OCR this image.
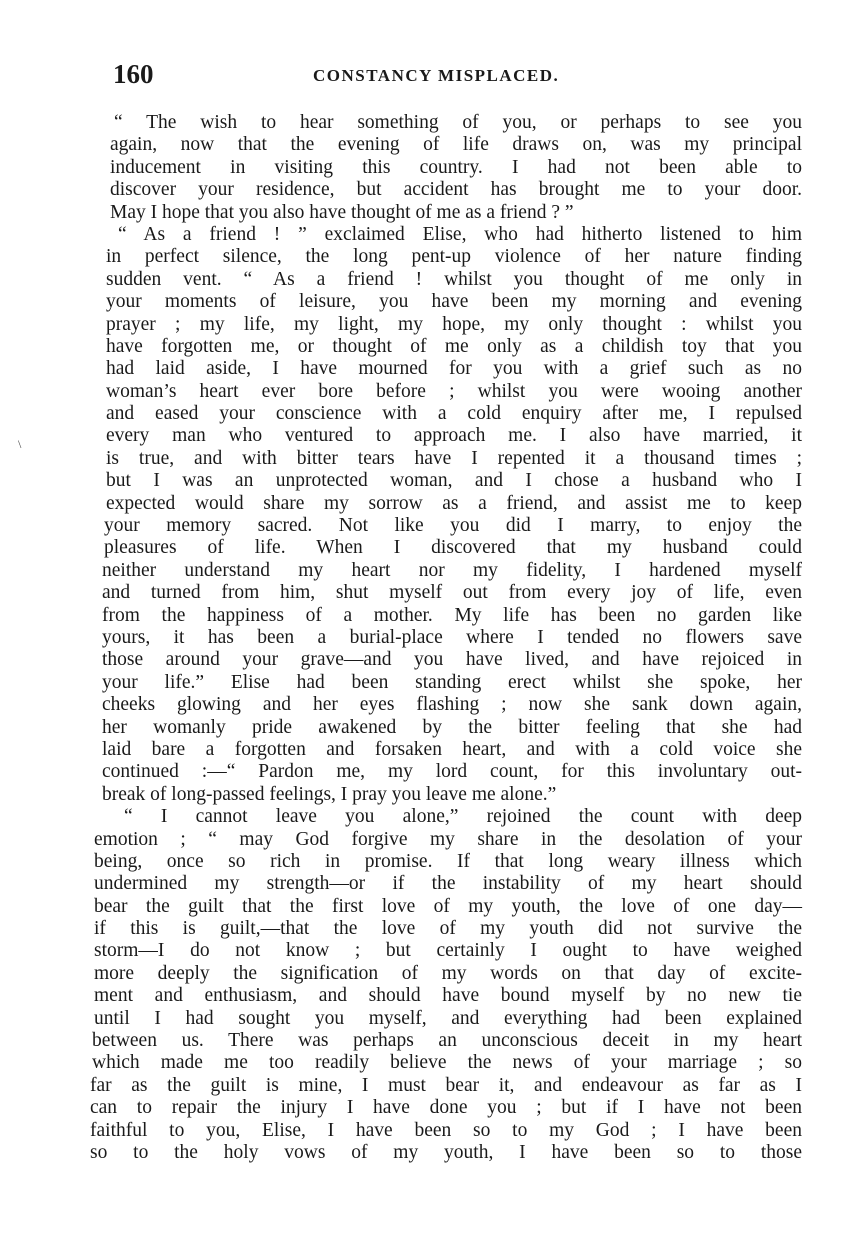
160	CONSTANCY MISPLACED.
\
“ The wish to hear something of you, or perhaps to see you
again, now that the evening of life draws on, was my principal
inducement in visiting this country. I had not been able to
discover your residence, but accident has brought me to your door.
May I hope that you also have thought of me as a friend ? ”
“ As a friend ! ” exclaimed Elise, who had hitherto listened to him
in perfect silence, the long pent-up violence of her nature finding
sudden vent. “ As a friend ! whilst you thought of me only in
your moments of leisure, you have been my morning and evening
prayer ; my life, my light, my hope, my only thought : whilst you
have forgotten me, or thought of me only as a childish toy that you
had laid aside, I have mourned for you with a grief such as no
woman’s heart ever bore before ; whilst you were wooing another
and eased your conscience with a cold enquiry after me, I repulsed
every man who ventured to approach me. I also have married, it
is true, and with bitter tears have I repented it a thousand times ;
but I was an unprotected woman, and I chose a husband who I
expected would share my sorrow as a friend, and assist me to keep
your memory sacred. Not like you did I marry, to enjoy the
pleasures of life. When I discovered that my husband could
neither understand my heart nor my fidelity, I hardened myself
and turned from him, shut myself out from every joy of life, even
from the happiness of a mother. My life has been no garden like
yours, it has been a burial-place where I tended no flowers save
those around your grave—and you have lived, and have rejoiced in
your life.” Elise had been standing erect whilst she spoke, her
cheeks glowing and her eyes flashing ; now she sank down again,
her womanly pride awakened by the bitter feeling that she had
laid bare a forgotten and forsaken heart, and with a cold voice she
continued :—“ Pardon me, my lord count, for this involuntary out-
break of long-passed feelings, I pray you leave me alone.”
“ I cannot leave you alone,” rejoined the count with deep
emotion ; “ may God forgive my share in the desolation of your
being, once so rich in promise. If that long weary illness which
undermined my strength—or if the instability of my heart should
bear the guilt that the first love of my youth, the love of one day—
if this is guilt,—that the love of my youth did not survive the
storm—I do not know ; but certainly I ought to have weighed
more deeply the signification of my words on that day of excite-
ment and enthusiasm, and should have bound myself by no new tie
until I had sought you myself, and everything had been explained
between us. There was perhaps an unconscious deceit in my heart
which made me too readily believe the news of your marriage ; so
far as the guilt is mine, I must bear it, and endeavour as far as I
can to repair the injury I have done you ; but if I have not been
faithful to you, Elise, I have been so to my God ; I have been
so to the holy vows of my youth, I have been so to those
